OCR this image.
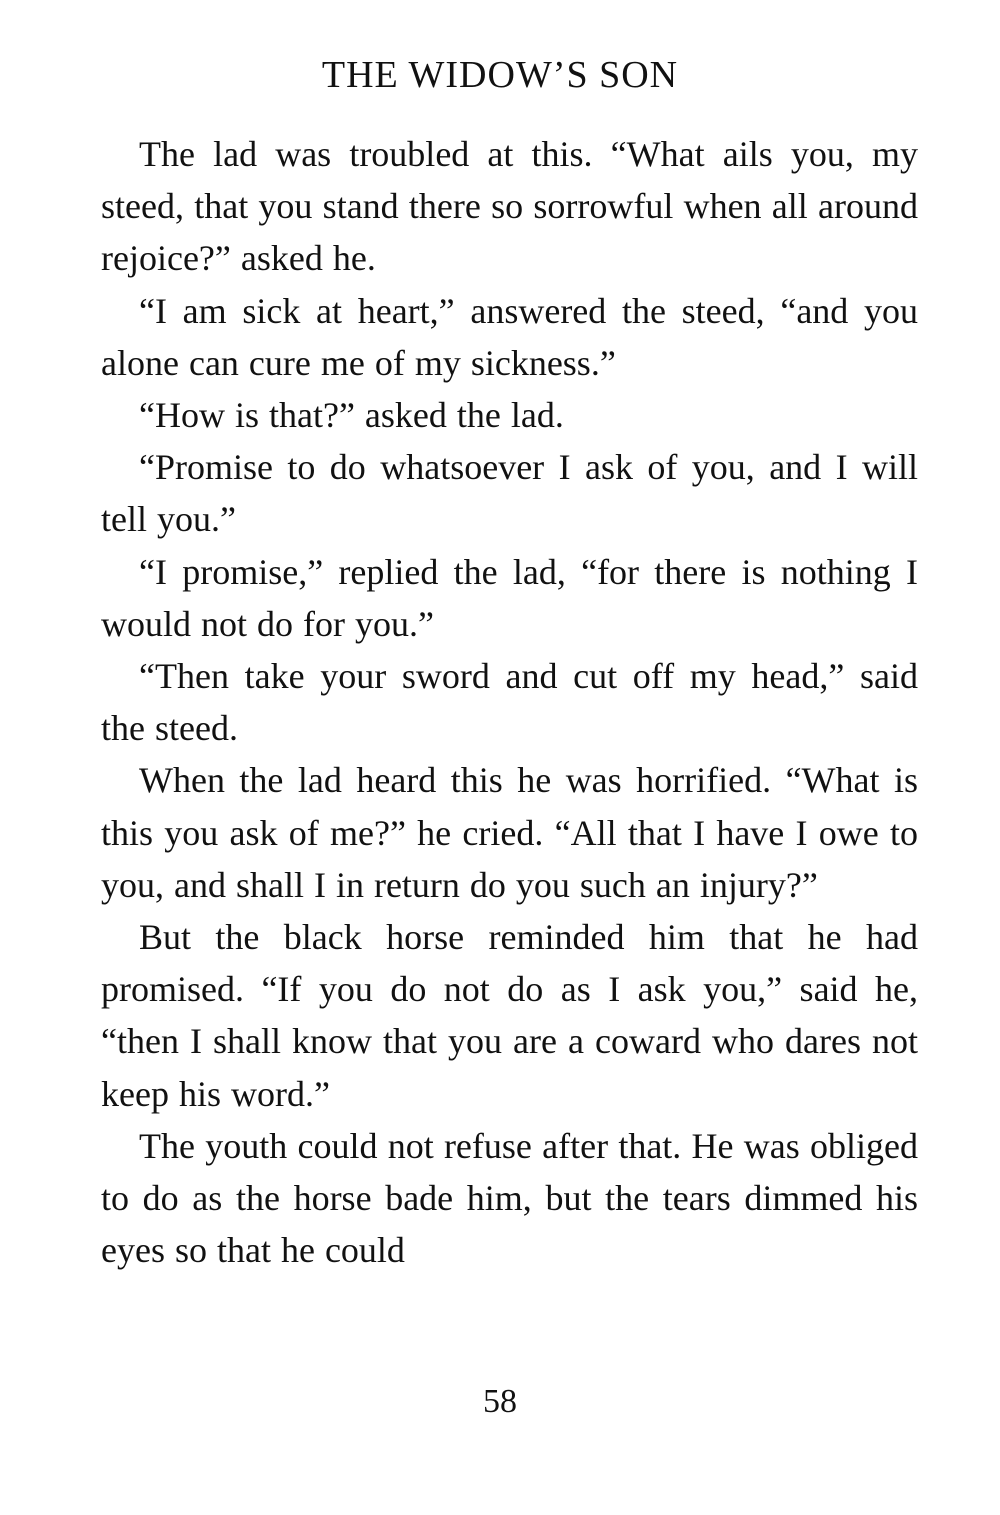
THE WIDOW’S SON

The lad was troubled at this. “What ails you, my steed, that you stand there so sorrowful when all around rejoice?” asked he.

“I am sick at heart,” answered the steed, “and you alone can cure me of my sickness.”

“How is that?” asked the lad.

“Promise to do whatsoever I ask of you, and I will tell you.”

“I promise,” replied the lad, “for there is nothing I would not do for you.”

“Then take your sword and cut off my head,” said the steed.

When the lad heard this he was horrified. “What is this you ask of me?” he cried. “All that I have I owe to you, and shall I in return do you such an injury?”

But the black horse reminded him that he had promised. “If you do not do as I ask you,” said he, “then I shall know that you are a coward who dares not keep his word.”

The youth could not refuse after that. He was obliged to do as the horse bade him, but the tears dimmed his eyes so that he could

58
